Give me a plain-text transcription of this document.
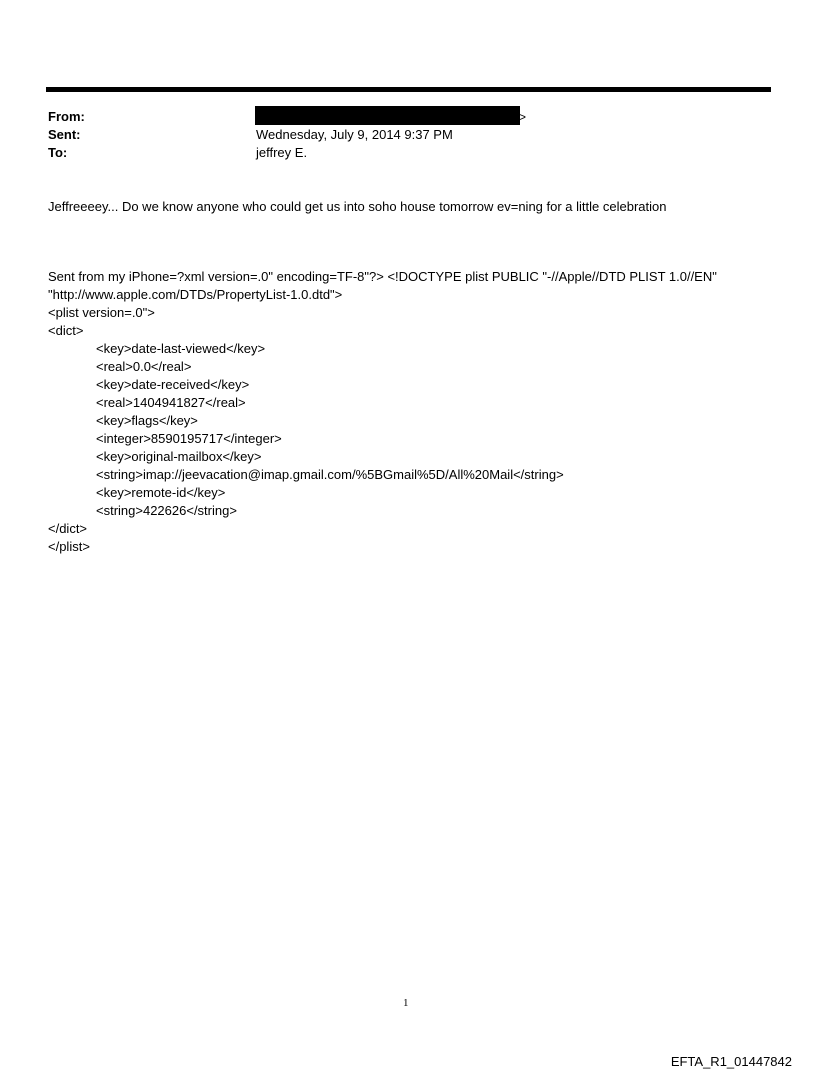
From:	>
Sent:	Wednesday, July 9, 2014 9:37 PM
To:	jeffrey E.
Jeffreeeey... Do we know anyone who could get us into soho house tomorrow ev=ning for a little celebration
Sent from my iPhone=?xml version=.0" encoding=TF-8"?> <!DOCTYPE plist PUBLIC "-//Apple//DTD PLIST 1.0//EN"
"http://www.apple.com/DTDs/PropertyList-1.0.dtd">
<plist version=.0">
<dict>
<key>date-last-viewed</key>
<real>0.0</real>
<key>date-received</key>
<real>1404941827</real>
<key>flags</key>
<integer>8590195717</integer>
<key>original-mailbox</key>
<string>imap://jeevacation@imap.gmail.com/%5BGmail%5D/All%20Mail</string>
<key>remote-id</key>
<string>422626</string>
</dict>
</plist>
1
EFTA_R1_01447842
